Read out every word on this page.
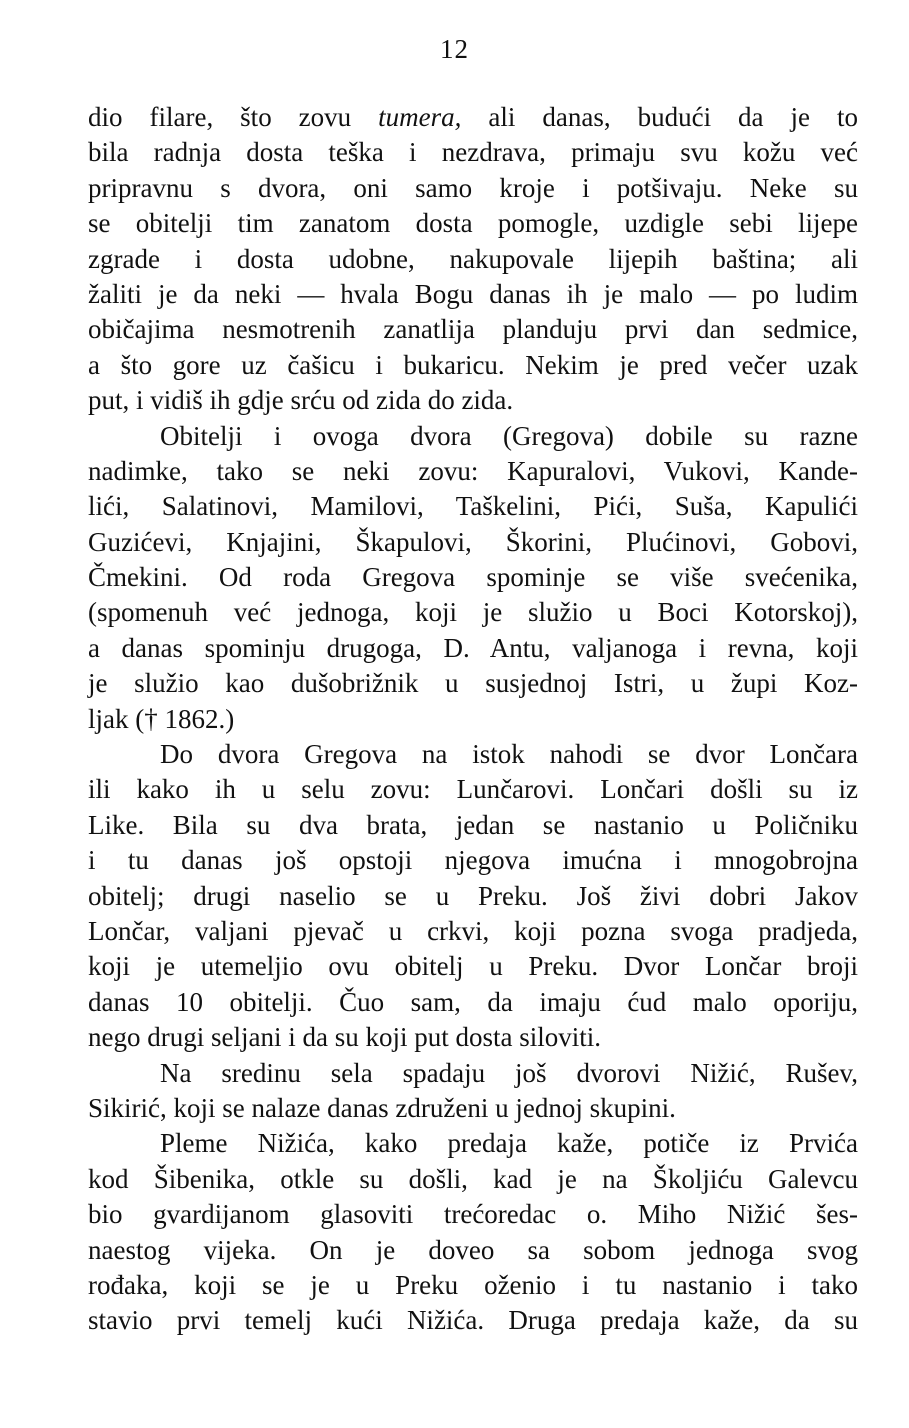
12
dio filare, što zovu tumera, ali danas, budući da je to
bila radnja dosta teška i nezdrava, primaju svu kožu već
pripravnu s dvora, oni samo kroje i potšivaju. Neke su
se obitelji tim zanatom dosta pomogle, uzdigle sebi lijepe
zgrade i dosta udobne, nakupovale lijepih baština; ali
žaliti je da neki — hvala Bogu danas ih je malo — po ludim
običajima nesmotrenih zanatlija planduju prvi dan sedmice,
a što gore uz čašicu i bukaricu. Nekim je pred večer uzak
put, i vidiš ih gdje srću od zida do zida.
Obitelji i ovoga dvora (Gregova) dobile su razne
nadimke, tako se neki zovu: Kapuralovi, Vukovi, Kande-
lići, Salatinovi, Mamilovi, Taškelini, Pići, Suša, Kapulići
Guzićevi, Knjajini, Škapulovi, Škorini, Plućinovi, Gobovi,
Čmekini. Od roda Gregova spominje se više svećenika,
(spomenuh već jednoga, koji je služio u Boci Kotorskoj),
a danas spominju drugoga, D. Antu, valjanoga i revna, koji
je služio kao dušobrižnik u susjednoj Istri, u župi Koz-
ljak († 1862.)
Do dvora Gregova na istok nahodi se dvor Lončara
ili kako ih u selu zovu: Lunčarovi. Lončari došli su iz
Like. Bila su dva brata, jedan se nastanio u Poličniku
i tu danas još opstoji njegova imućna i mnogobrojna
obitelj; drugi naselio se u Preku. Još živi dobri Jakov
Lončar, valjani pjevač u crkvi, koji pozna svoga pradjeda,
koji je utemeljio ovu obitelj u Preku. Dvor Lončar broji
danas 10 obitelji. Čuo sam, da imaju ćud malo oporiju,
nego drugi seljani i da su koji put dosta siloviti.
Na sredinu sela spadaju još dvorovi Nižić, Rušev,
Sikirić, koji se nalaze danas združeni u jednoj skupini.
Pleme Nižića, kako predaja kaže, potiče iz Prvića
kod Šibenika, otkle su došli, kad je na Školjiću Galevcu
bio gvardijanom glasoviti trećoredac o. Miho Nižić šes-
naestog vijeka. On je doveo sa sobom jednoga svog
rođaka, koji se je u Preku oženio i tu nastanio i tako
stavio prvi temelj kući Nižića. Druga predaja kaže, da su
